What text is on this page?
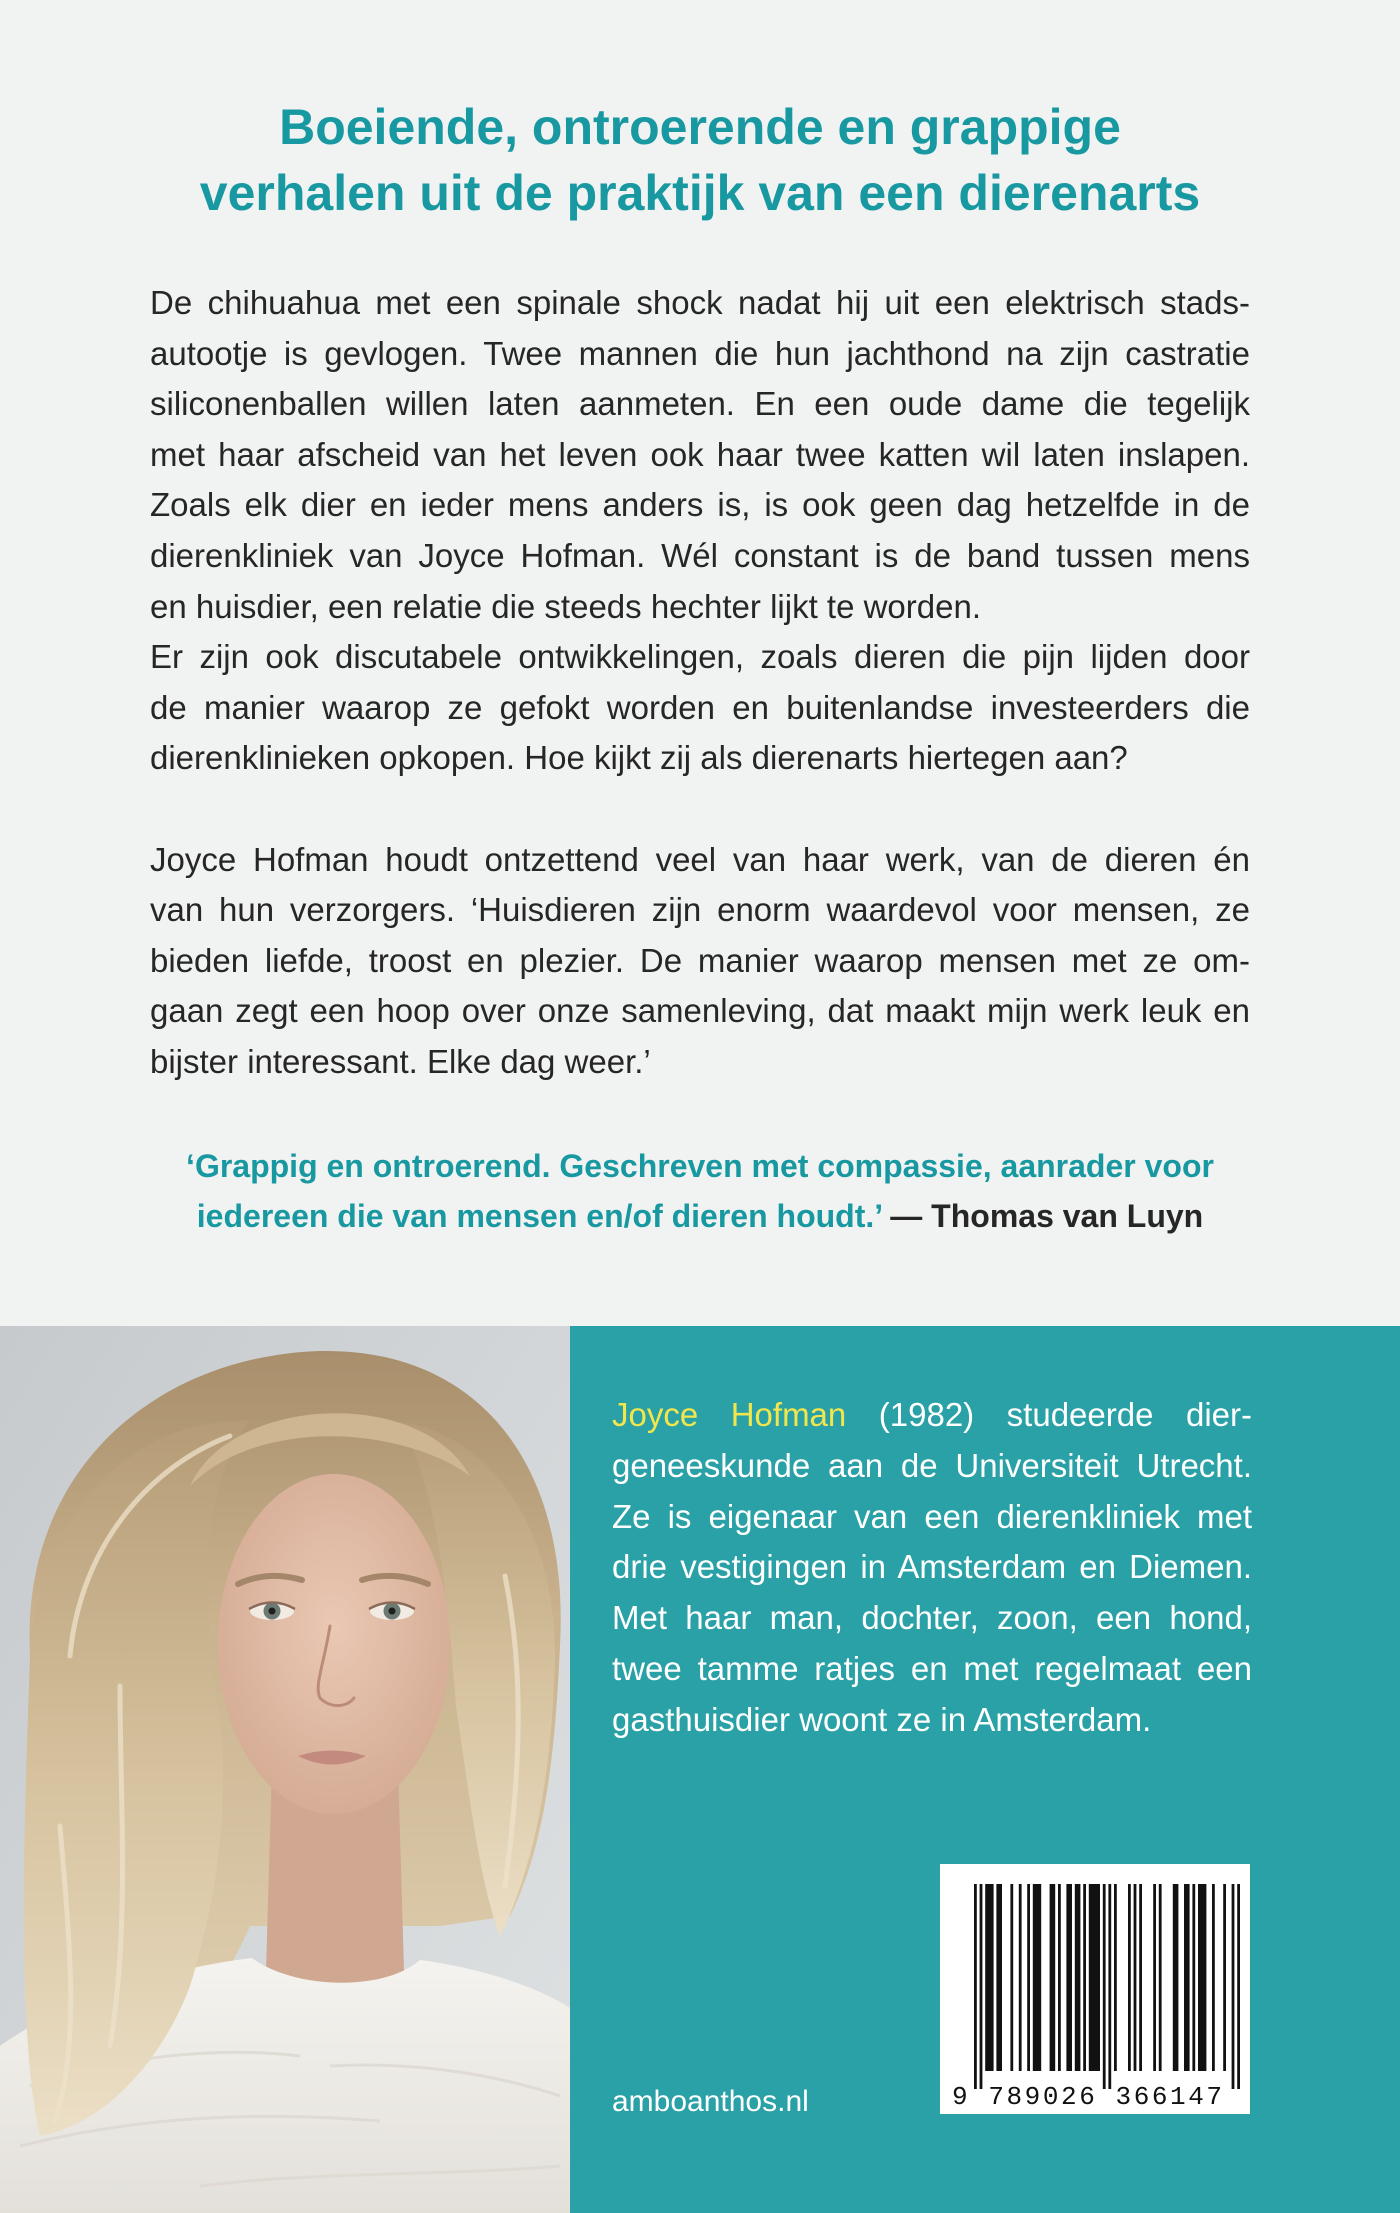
Boeiende, ontroerende en grappige
verhalen uit de praktijk van een dierenarts
De chihuahua met een spinale shock nadat hij uit een elektrisch stads-
autootje is gevlogen. Twee mannen die hun jachthond na zijn castratie
siliconenballen willen laten aanmeten. En een oude dame die tegelijk
met haar afscheid van het leven ook haar twee katten wil laten inslapen.
Zoals elk dier en ieder mens anders is, is ook geen dag hetzelfde in de
dierenkliniek van Joyce Hofman. Wél constant is de band tussen mens
en huisdier, een relatie die steeds hechter lijkt te worden.
Er zijn ook discutabele ontwikkelingen, zoals dieren die pijn lijden door
de manier waarop ze gefokt worden en buitenlandse investeerders die
dierenklinieken opkopen. Hoe kijkt zij als dierenarts hiertegen aan?
Joyce Hofman houdt ontzettend veel van haar werk, van de dieren én
van hun verzorgers. ‘Huisdieren zijn enorm waardevol voor mensen, ze
bieden liefde, troost en plezier. De manier waarop mensen met ze om-
gaan zegt een hoop over onze samenleving, dat maakt mijn werk leuk en
bijster interessant. Elke dag weer.’
‘Grappig en ontroerend. Geschreven met compassie, aanrader voor
iedereen die van mensen en/of dieren houdt.’ — Thomas van Luyn
Joyce Hofman (1982) studeerde dier-
geneeskunde aan de Universiteit Utrecht.
Ze is eigenaar van een dierenkliniek met
drie vestigingen in Amsterdam en Diemen.
Met haar man, dochter, zoon, een hond,
twee tamme ratjes en met regelmaat een
gasthuisdier woont ze in Amsterdam.
amboanthos.nl	9 789026 366147
